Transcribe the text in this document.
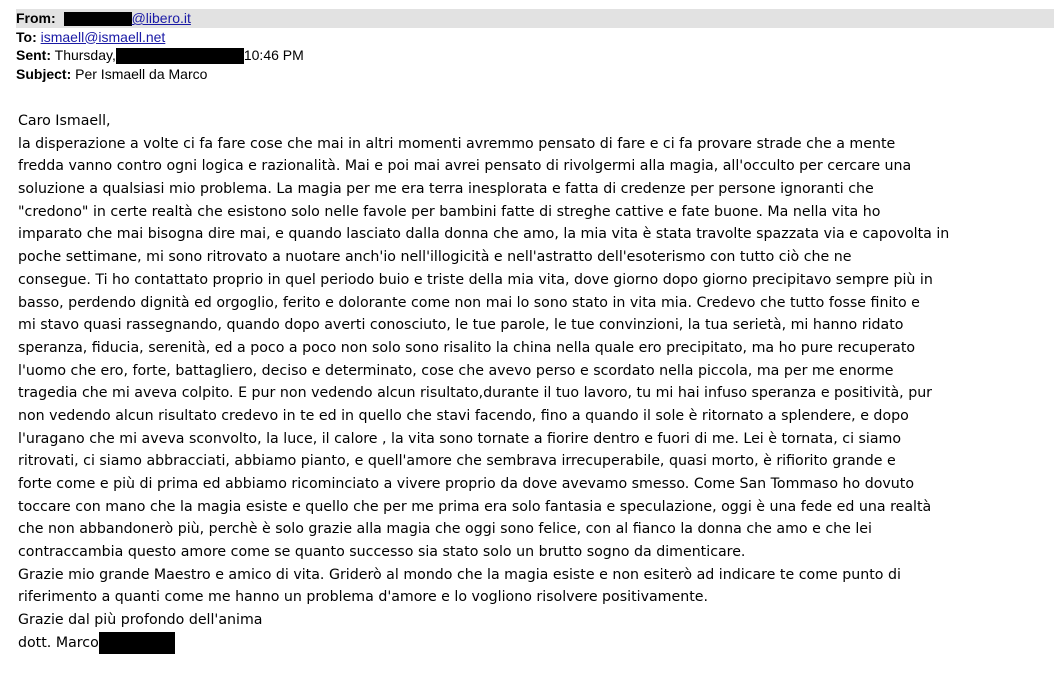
From:	@libero.it
To: ismaell@ismaell.net
Sent: Thursday,	10:46 PM
Subject: Per Ismaell da Marco
Caro Ismaell,
la disperazione a volte ci fa fare cose che mai in altri momenti avremmo pensato di fare e ci fa provare strade che a mente
fredda vanno contro ogni logica e razionalità. Mai e poi mai avrei pensato di rivolgermi alla magia, all'occulto per cercare una
soluzione a qualsiasi mio problema. La magia per me era terra inesplorata e fatta di credenze per persone ignoranti che
"credono" in certe realtà che esistono solo nelle favole per bambini fatte di streghe cattive e fate buone. Ma nella vita ho
imparato che mai bisogna dire mai, e quando lasciato dalla donna che amo, la mia vita è stata travolte spazzata via e capovolta in
poche settimane, mi sono ritrovato a nuotare anch'io nell'illogicità e nell'astratto dell'esoterismo con tutto ciò che ne
consegue. Ti ho contattato proprio in quel periodo buio e triste della mia vita, dove giorno dopo giorno precipitavo sempre più in
basso, perdendo dignità ed orgoglio, ferito e dolorante come non mai lo sono stato in vita mia. Credevo che tutto fosse finito e
mi stavo quasi rassegnando, quando dopo averti conosciuto, le tue parole, le tue convinzioni, la tua serietà, mi hanno ridato
speranza, fiducia, serenità, ed a poco a poco non solo sono risalito la china nella quale ero precipitato, ma ho pure recuperato
l'uomo che ero, forte, battagliero, deciso e determinato, cose che avevo perso e scordato nella piccola, ma per me enorme
tragedia che mi aveva colpito. E pur non vedendo alcun risultato,durante il tuo lavoro, tu mi hai infuso speranza e positività, pur
non vedendo alcun risultato credevo in te ed in quello che stavi facendo, fino a quando il sole è ritornato a splendere, e dopo
l'uragano che mi aveva sconvolto, la luce, il calore , la vita sono tornate a fiorire dentro e fuori di me. Lei è tornata, ci siamo
ritrovati, ci siamo abbracciati, abbiamo pianto, e quell'amore che sembrava irrecuperabile, quasi morto, è rifiorito grande e
forte come e più di prima ed abbiamo ricominciato a vivere proprio da dove avevamo smesso. Come San Tommaso ho dovuto
toccare con mano che la magia esiste e quello che per me prima era solo fantasia e speculazione, oggi è una fede ed una realtà
che non abbandonerò più, perchè è solo grazie alla magia che oggi sono felice, con al fianco la donna che amo e che lei
contraccambia questo amore come se quanto successo sia stato solo un brutto sogno da dimenticare.
Grazie mio grande Maestro e amico di vita. Griderò al mondo che la magia esiste e non esiterò ad indicare te come punto di
riferimento a quanti come me hanno un problema d'amore e lo vogliono risolvere positivamente.
Grazie dal più profondo dell'anima
dott. Marco
